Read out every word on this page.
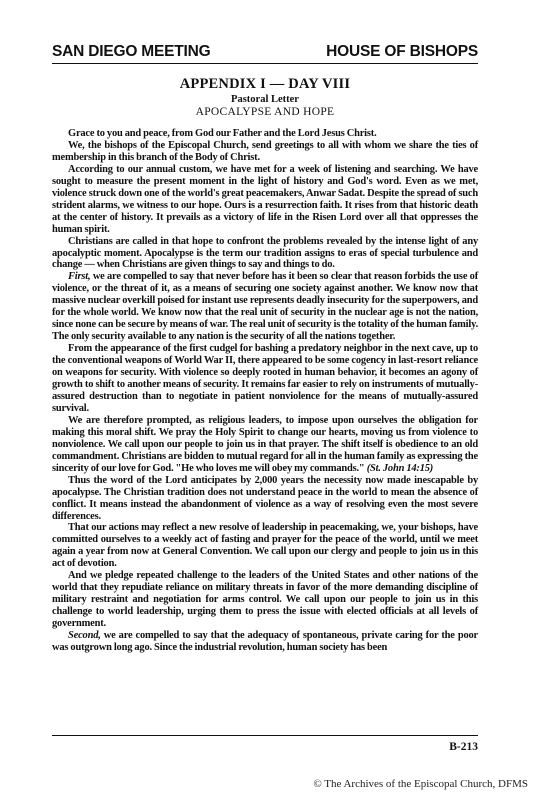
SAN DIEGO MEETING	HOUSE OF BISHOPS
APPENDIX I — DAY VIII
Pastoral Letter
APOCALYPSE AND HOPE

Grace to you and peace, from God our Father and the Lord Jesus Christ.

We, the bishops of the Episcopal Church, send greetings to all with whom we share the ties of membership in this branch of the Body of Christ.

According to our annual custom, we have met for a week of listening and searching. We have sought to measure the present moment in the light of history and God's word. Even as we met, violence struck down one of the world's great peacemakers, Anwar Sadat. Despite the spread of such strident alarms, we witness to our hope. Ours is a resurrection faith. It rises from that historic death at the center of history. It prevails as a victory of life in the Risen Lord over all that oppresses the human spirit.

Christians are called in that hope to confront the problems revealed by the intense light of any apocalyptic moment. Apocalypse is the term our tradition assigns to eras of special turbulence and change — when Christians are given things to say and things to do.

First, we are compelled to say that never before has it been so clear that reason forbids the use of violence, or the threat of it, as a means of securing one society against another. We know now that massive nuclear overkill poised for instant use represents deadly insecurity for the superpowers, and for the whole world. We know now that the real unit of security in the nuclear age is not the nation, since none can be secure by means of war. The real unit of security is the totality of the human family. The only security available to any nation is the security of all the nations together.

From the appearance of the first cudgel for bashing a predatory neighbor in the next cave, up to the conventional weapons of World War II, there appeared to be some cogency in last-resort reliance on weapons for security. With violence so deeply rooted in human behavior, it becomes an agony of growth to shift to another means of security. It remains far easier to rely on instruments of mutually-assured destruction than to negotiate in patient nonviolence for the means of mutually-assured survival.

We are therefore prompted, as religious leaders, to impose upon ourselves the obligation for making this moral shift. We pray the Holy Spirit to change our hearts, moving us from violence to nonviolence. We call upon our people to join us in that prayer. The shift itself is obedience to an old commandment. Christians are bidden to mutual regard for all in the human family as expressing the sincerity of our love for God. "He who loves me will obey my commands." (St. John 14:15)

Thus the word of the Lord anticipates by 2,000 years the necessity now made inescapable by apocalypse. The Christian tradition does not understand peace in the world to mean the absence of conflict. It means instead the abandonment of violence as a way of resolving even the most severe differences.

That our actions may reflect a new resolve of leadership in peacemaking, we, your bishops, have committed ourselves to a weekly act of fasting and prayer for the peace of the world, until we meet again a year from now at General Convention. We call upon our clergy and people to join us in this act of devotion.

And we pledge repeated challenge to the leaders of the United States and other nations of the world that they repudiate reliance on military threats in favor of the more demanding discipline of military restraint and negotiation for arms control. We call upon our people to join us in this challenge to world leadership, urging them to press the issue with elected officials at all levels of government.

Second, we are compelled to say that the adequacy of spontaneous, private caring for the poor was outgrown long ago. Since the industrial revolution, human society has been

B-213
© The Archives of the Episcopal Church, DFMS
